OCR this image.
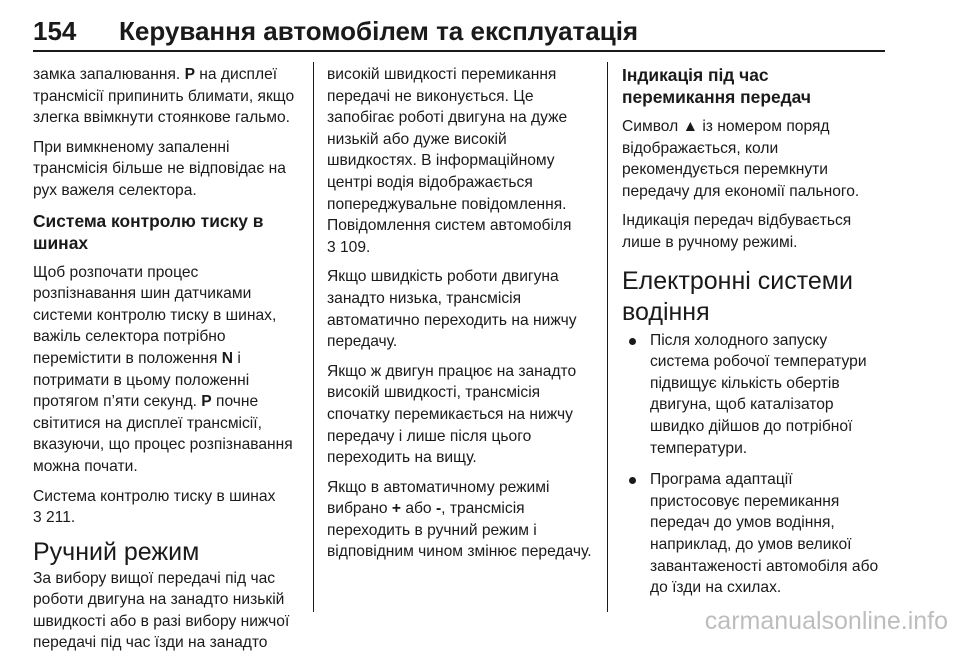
154	Керування автомобілем та експлуатація

замка запалювання. P на дисплеї трансмісії припинить блимати, якщо злегка ввімкнути стоянкове гальмо.

При вимкненому запаленні трансмісія більше не відповідає на рух важеля селектора.

Система контролю тиску в шинах

Щоб розпочати процес розпізнавання шин датчиками системи контролю тиску в шинах, важіль селектора потрібно перемістити в положення N і потримати в цьому положенні протягом п’яти секунд. P почне світитися на дисплеї трансмісії, вказуючи, що процес розпізнавання можна почати.

Система контролю тиску в шинах
3 211.

Ручний режим

За вибору вищої передачі під час роботи двигуна на занадто низькій швидкості або в разі вибору нижчої передачі під час їзди на занадто

високій швидкості перемикання передачі не виконується. Це запобігає роботі двигуна на дуже низькій або дуже високій швидкостях. В інформаційному центрі водія відображається попереджувальне повідомлення. Повідомлення систем автомобіля
3 109.

Якщо швидкість роботи двигуна занадто низька, трансмісія автоматично переходить на нижчу передачу.

Якщо ж двигун працює на занадто високій швидкості, трансмісія спочатку перемикається на нижчу передачу і лише після цього переходить на вищу.

Якщо в автоматичному режимі вибрано + або -, трансмісія переходить в ручний режим і відповідним чином змінює передачу.

Індикація під час перемикання передач

Символ ▲ із номером поряд відображається, коли рекомендується перемкнути передачу для економії пального.

Індикація передач відбувається лише в ручному режимі.

Електронні системи
водіння
Після холодного запуску система робочої температури підвищує кількість обертів двигуна, щоб каталізатор швидко дійшов до потрібної температури.
Програма адаптації пристосовує перемикання передач до умов водіння, наприклад, до умов великої завантаженості автомобіля або до їзди на схилах.
carmanualsonline.info
